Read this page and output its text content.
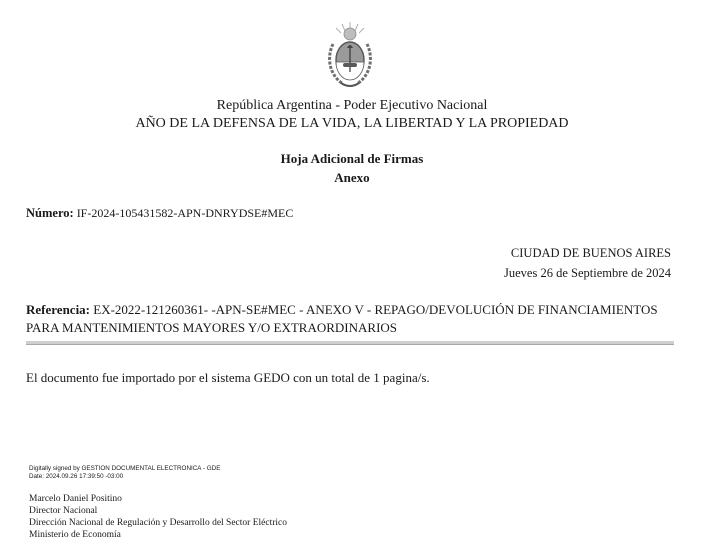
República Argentina - Poder Ejecutivo Nacional
AÑO DE LA DEFENSA DE LA VIDA, LA LIBERTAD Y LA PROPIEDAD
Hoja Adicional de Firmas
Anexo
Número: IF-2024-105431582-APN-DNRYDSE#MEC
CIUDAD DE BUENOS AIRES
Jueves 26 de Septiembre de 2024
Referencia: EX-2022-121260361- -APN-SE#MEC - ANEXO V - REPAGO/DEVOLUCIÓN DE FINANCIAMIENTOS PARA MANTENIMIENTOS MAYORES Y/O EXTRAORDINARIOS
El documento fue importado por el sistema GEDO con un total de 1 pagina/s.
Digitally signed by GESTION DOCUMENTAL ELECTRONICA - GDE
Date: 2024.09.26 17:39:50 -03:00
Marcelo Daniel Positino
Director Nacional
Dirección Nacional de Regulación y Desarrollo del Sector Eléctrico
Ministerio de Economía
